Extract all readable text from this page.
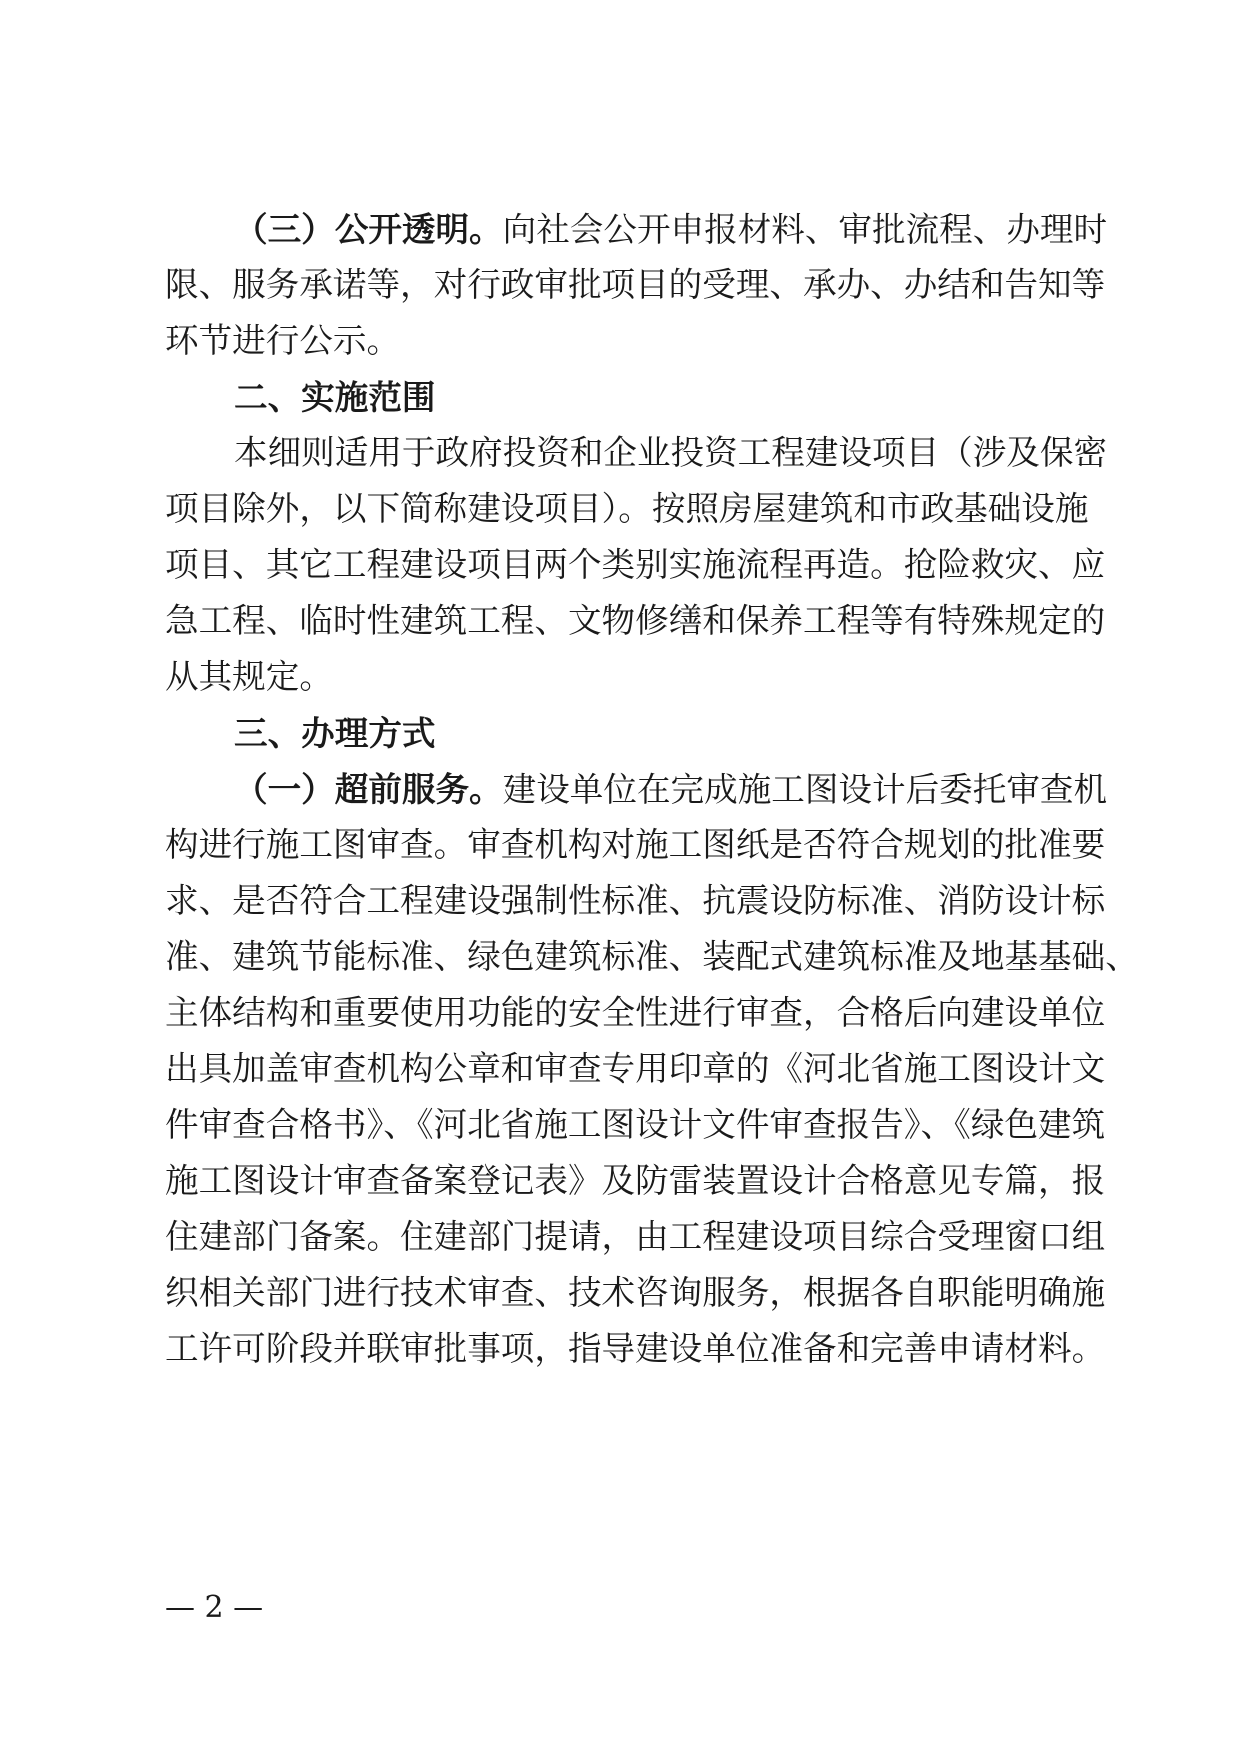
（三）公开透明。向社会公开申报材料、审批流程、办理时
限、服务承诺等，对行政审批项目的受理、承办、办结和告知等
环节进行公示。
二、实施范围
本细则适用于政府投资和企业投资工程建设项目（涉及保密
项目除外，以下简称建设项目）。按照房屋建筑和市政基础设施
项目、其它工程建设项目两个类别实施流程再造。抢险救灾、应
急工程、临时性建筑工程、文物修缮和保养工程等有特殊规定的
从其规定。
三、办理方式
（一）超前服务。建设单位在完成施工图设计后委托审查机
构进行施工图审查。审查机构对施工图纸是否符合规划的批准要
求、是否符合工程建设强制性标准、抗震设防标准、消防设计标
准、建筑节能标准、绿色建筑标准、装配式建筑标准及地基基础、
主体结构和重要使用功能的安全性进行审查，合格后向建设单位
出具加盖审查机构公章和审查专用印章的《河北省施工图设计文
件审查合格书》、《河北省施工图设计文件审查报告》、《绿色建筑
施工图设计审查备案登记表》及防雷装置设计合格意见专篇，报
住建部门备案。住建部门提请，由工程建设项目综合受理窗口组
织相关部门进行技术审查、技术咨询服务，根据各自职能明确施
工许可阶段并联审批事项，指导建设单位准备和完善申请材料。
— 2 —
